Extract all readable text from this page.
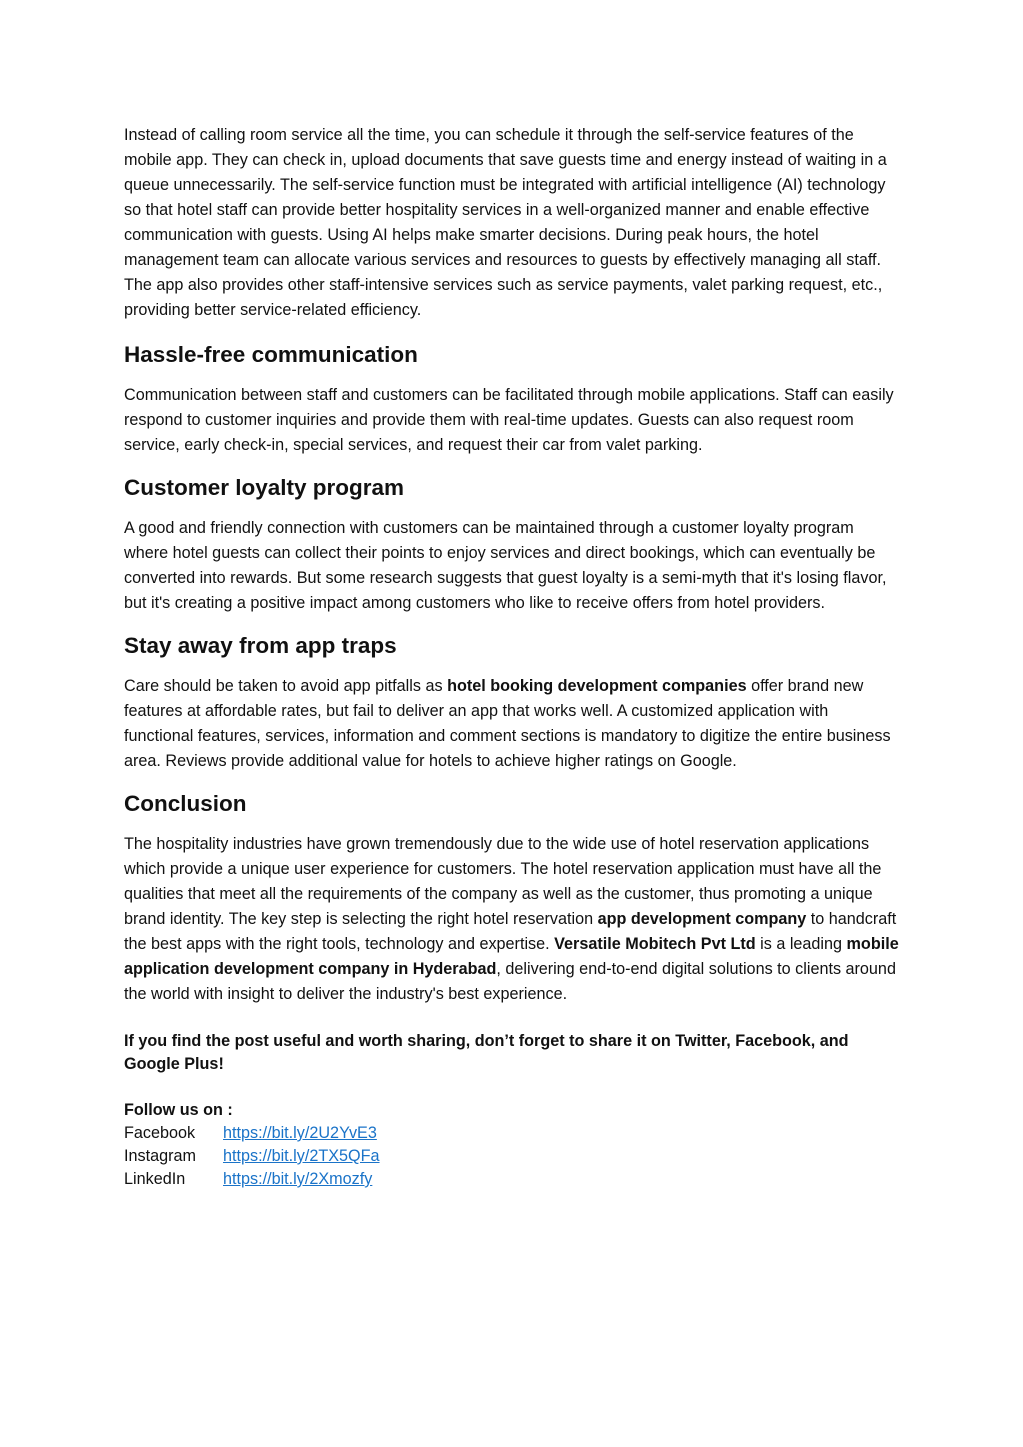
Instead of calling room service all the time, you can schedule it through the self-service features of the mobile app. They can check in, upload documents that save guests time and energy instead of waiting in a queue unnecessarily. The self-service function must be integrated with artificial intelligence (AI) technology so that hotel staff can provide better hospitality services in a well-organized manner and enable effective communication with guests. Using AI helps make smarter decisions. During peak hours, the hotel management team can allocate various services and resources to guests by effectively managing all staff. The app also provides other staff-intensive services such as service payments, valet parking request, etc., providing better service-related efficiency.

Hassle-free communication

Communication between staff and customers can be facilitated through mobile applications. Staff can easily respond to customer inquiries and provide them with real-time updates. Guests can also request room service, early check-in, special services, and request their car from valet parking.

Customer loyalty program

A good and friendly connection with customers can be maintained through a customer loyalty program where hotel guests can collect their points to enjoy services and direct bookings, which can eventually be converted into rewards. But some research suggests that guest loyalty is a semi-myth that it's losing flavor, but it's creating a positive impact among customers who like to receive offers from hotel providers.

Stay away from app traps

Care should be taken to avoid app pitfalls as hotel booking development companies offer brand new features at affordable rates, but fail to deliver an app that works well. A customized application with functional features, services, information and comment sections is mandatory to digitize the entire business area. Reviews provide additional value for hotels to achieve higher ratings on Google.

Conclusion

The hospitality industries have grown tremendously due to the wide use of hotel reservation applications which provide a unique user experience for customers. The hotel reservation application must have all the qualities that meet all the requirements of the company as well as the customer, thus promoting a unique brand identity. The key step is selecting the right hotel reservation app development company to handcraft the best apps with the right tools, technology and expertise. Versatile Mobitech Pvt Ltd is a leading mobile application development company in Hyderabad, delivering end-to-end digital solutions to clients around the world with insight to deliver the industry's best experience.

If you find the post useful and worth sharing, don’t forget to share it on Twitter, Facebook, and Google Plus!

Follow us on :
Facebook	https://bit.ly/2U2YvE3
Instagram	https://bit.ly/2TX5QFa
LinkedIn	https://bit.ly/2Xmozfy
